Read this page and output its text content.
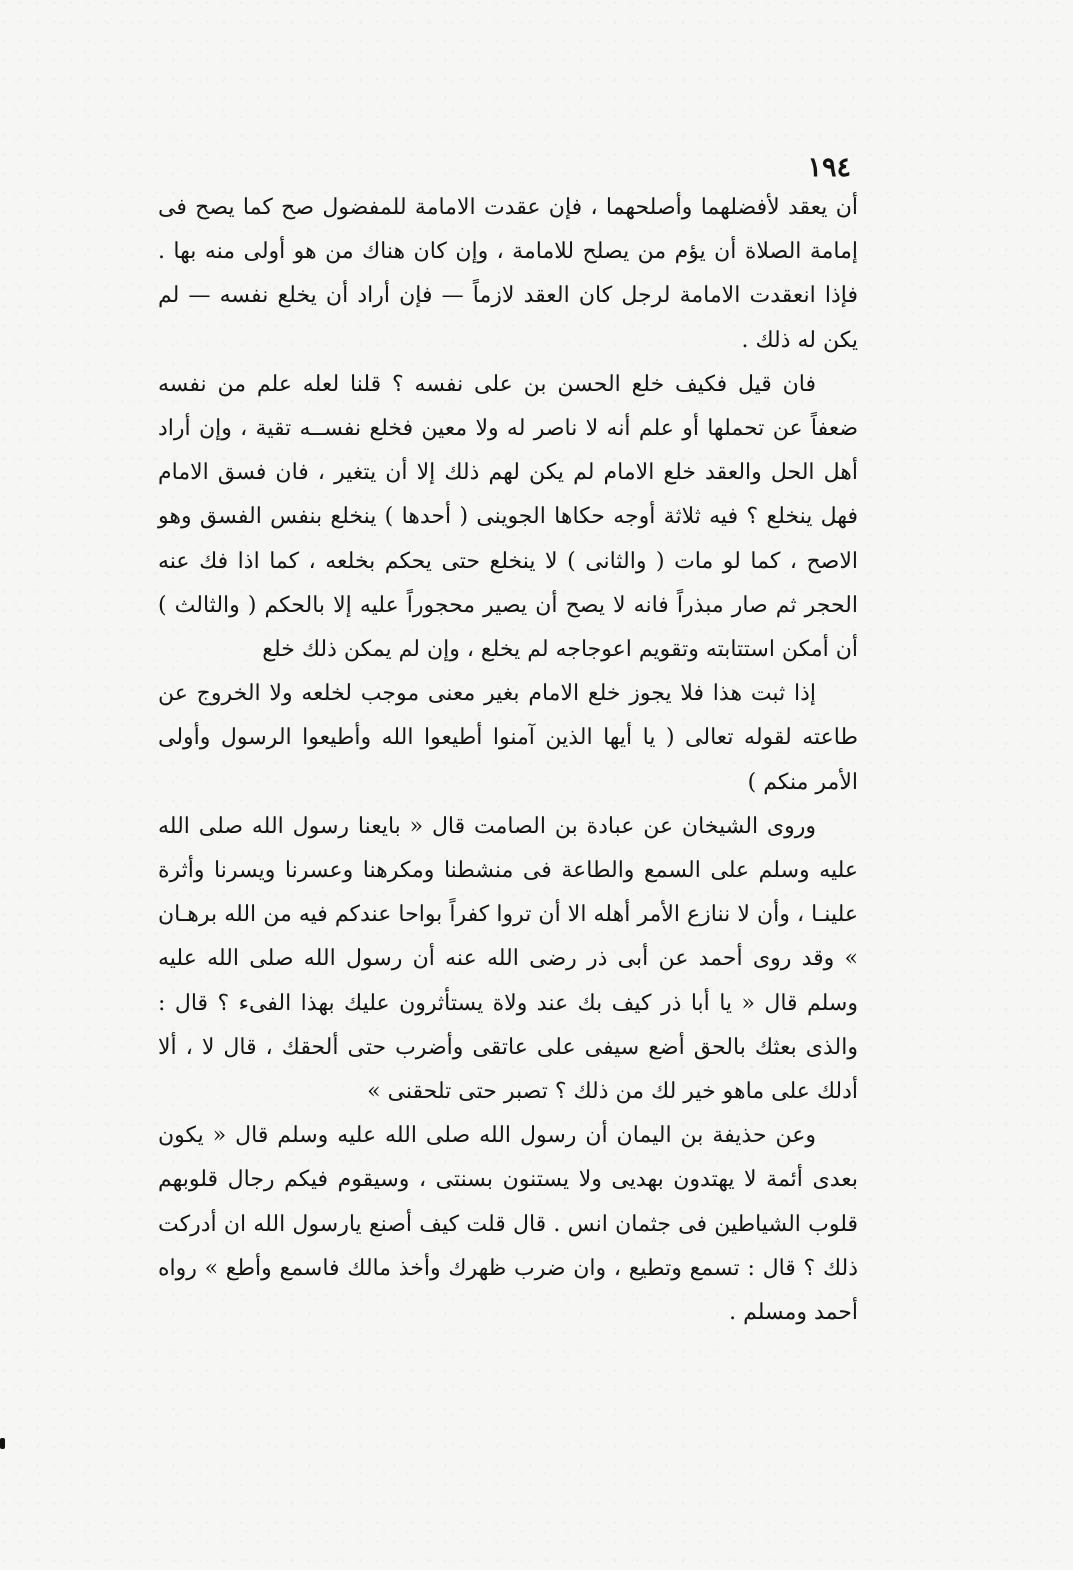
١٩٤

أن يعقد لأفضلهما وأصلحهما ، فإن عقدت الامامة للمفضول صح كما يصح فى إمامة الصلاة أن يؤم من يصلح للامامة ، وإن كان هناك من هو أولى منه بها . فإذا انعقدت الامامة لرجل كان العقد لازماً — فإن أراد أن يخلع نفسه — لم يكن له ذلك .

فان قيل فكيف خلع الحسن بن على نفسه ؟ قلنا لعله علم من نفسه ضعفاً عن تحملها أو علم أنه لا ناصر له ولا معين فخلع نفســه تقية ، وإن أراد أهل الحل والعقد خلع الامام لم يكن لهم ذلك إلا أن يتغير ، فان فسق الامام فهل ينخلع ؟ فيه ثلاثة أوجه حكاها الجوينى ( أحدها ) ينخلع بنفس الفسق وهو الاصح ، كما لو مات ( والثانى ) لا ينخلع حتى يحكم بخلعه ، كما اذا فك عنه الحجر ثم صار مبذراً فانه لا يصح أن يصير محجوراً عليه إلا بالحكم ( والثالث ) أن أمكن استتابته وتقويم اعوجاجه لم يخلع ، وإن لم يمكن ذلك خلع

إذا ثبت هذا فلا يجوز خلع الامام بغير معنى موجب لخلعه ولا الخروج عن طاعته لقوله تعالى ( يا أيها الذين آمنوا أطيعوا الله وأطيعوا الرسول وأولى الأمر منكم )

وروى الشيخان عن عبادة بن الصامت قال « بايعنا رسول الله صلى الله عليه وسلم على السمع والطاعة فى منشطنا ومكرهنا وعسرنا ويسرنا وأثرة علينـا ، وأن لا ننازع الأمر أهله الا أن تروا كفراً بواحا عندكم فيه من الله برهـان » وقد روى أحمد عن أبى ذر رضى الله عنه أن رسول الله صلى الله عليه وسلم قال « يا أبا ذر كيف بك عند ولاة يستأثرون عليك بهذا الفىء ؟ قال : والذى بعثك بالحق أضع سيفى على عاتقى وأضرب حتى ألحقك ، قال لا ، ألا أدلك على ماهو خير لك من ذلك ؟ تصبر حتى تلحقنى »

وعن حذيفة بن اليمان أن رسول الله صلى الله عليه وسلم قال « يكون بعدى أئمة لا يهتدون بهديى ولا يستنون بسنتى ، وسيقوم فيكم رجال قلوبهم قلوب الشياطين فى جثمان انس . قال قلت كيف أصنع يارسول الله ان أدركت ذلك ؟ قال : تسمع وتطيع ، وان ضرب ظهرك وأخذ مالك فاسمع وأطع » رواه أحمد ومسلم .
